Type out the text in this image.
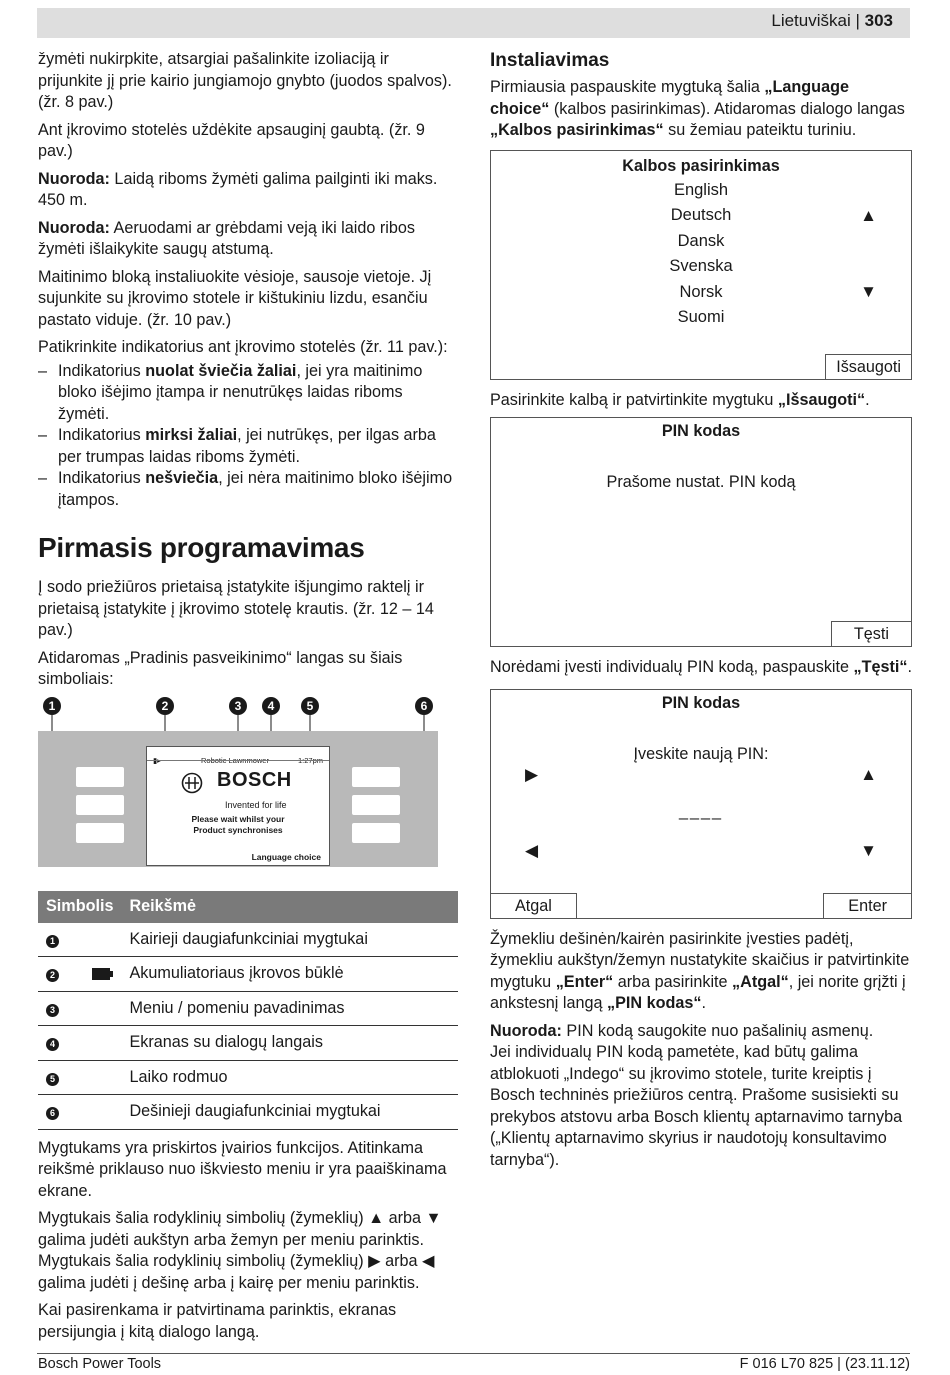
Lietuviškai | 303

žymėti nukirpkite, atsargiai pašalinkite izoliaciją ir prijunkite jį prie kairio jungiamojo gnybto (juodos spalvos). (žr. 8 pav.)

Ant įkrovimo stotelės uždėkite apsauginį gaubtą. (žr. 9 pav.)

Nuoroda: Laidą riboms žymėti galima pailginti iki maks. 450 m.

Nuoroda: Aeruodami ar grėbdami veją iki laido ribos žymėti išlaikykite saugų atstumą.

Maitinimo bloką instaliuokite vėsioje, sausoje vietoje. Jį sujunkite su įkrovimo stotele ir kištukiniu lizdu, esančiu pastato viduje. (žr. 10 pav.)

Patikrinkite indikatorius ant įkrovimo stotelės (žr. 11 pav.):

– Indikatorius nuolat šviečia žaliai, jei yra maitinimo bloko išėjimo įtampa ir nenutrūkęs laidas riboms žymėti.
– Indikatorius mirksi žaliai, jei nutrūkęs, per ilgas arba per trumpas laidas riboms žymėti.
– Indikatorius nešviečia, jei nėra maitinimo bloko išėjimo įtampos.
Pirmasis programavimas

Į sodo priežiūros prietaisą įstatykite išjungimo raktelį ir prietaisą įstatykite į įkrovimo stotelę krautis. (žr. 12 – 14 pav.)

Atidaromas „Pradinis pasveikinimo“ langas su šiais simboliais:

1	2	3	4	5	6
BOSCH
Invented for life
Please wait whilst your
Product synchronises
Language choice
Simbolis		Reikšmė
1		Kairieji daugiafunkciniai mygtukai
2		Akumuliatoriaus įkrovos būklė
3		Meniu / pomeniu pavadinimas
4		Ekranas su dialogų langais
5		Laiko rodmuo
6		Dešinieji daugiafunkciniai mygtukai

Mygtukams yra priskirtos įvairios funkcijos. Atitinkama reikšmė priklauso nuo iškviesto meniu ir yra paaiškinama ekrane.

Mygtukais šalia rodyklinių simbolių (žymeklių) ▲ arba ▼ galima judėti aukštyn arba žemyn per meniu parinktis.

Mygtukais šalia rodyklinių simbolių (žymeklių) ▶ arba ◀ galima judėti į dešinę arba į kairę per meniu parinktis.

Kai pasirenkama ir patvirtinama parinktis, ekranas persijungia į kitą dialogo langą.

Instaliavimas

Pirmiausia paspauskite mygtuką šalia „Language choice“ (kalbos pasirinkimas). Atidaromas dialogo langas „Kalbos pasirinkimas“ su žemiau pateiktu turiniu.

Kalbos pasirinkimas
English
Deutsch
Dansk
Svenska
Norsk
Suomi
▲
▼
Išsaugoti

Pasirinkite kalbą ir patvirtinkite mygtuku „Išsaugoti“.

PIN kodas
Prašome nustat. PIN kodą
Tęsti

Norėdami įvesti individualų PIN kodą, paspauskite „Tęsti“.

PIN kodas
Įveskite naują PIN:
____
▶
◀
▲
▼
Atgal	Enter

Žymekliu dešinėn/kairėn pasirinkite įvesties padėtį, žymekliu aukštyn/žemyn nustatykite skaičius ir patvirtinkite mygtuku „Enter“ arba pasirinkite „Atgal“, jei norite grįžti į ankstesnį langą „PIN kodas“.

Nuoroda: PIN kodą saugokite nuo pašalinių asmenų.

Jei individualų PIN kodą pametėte, kad būtų galima atblokuoti „Indego“ su įkrovimo stotele, turite kreiptis į Bosch techninės priežiūros centrą. Prašome susisiekti su prekybos atstovu arba Bosch klientų aptarnavimo tarnyba („Klientų aptarnavimo skyrius ir naudotojų konsultavimo tarnyba“).

Bosch Power Tools	F 016 L70 825 | (23.11.12)
